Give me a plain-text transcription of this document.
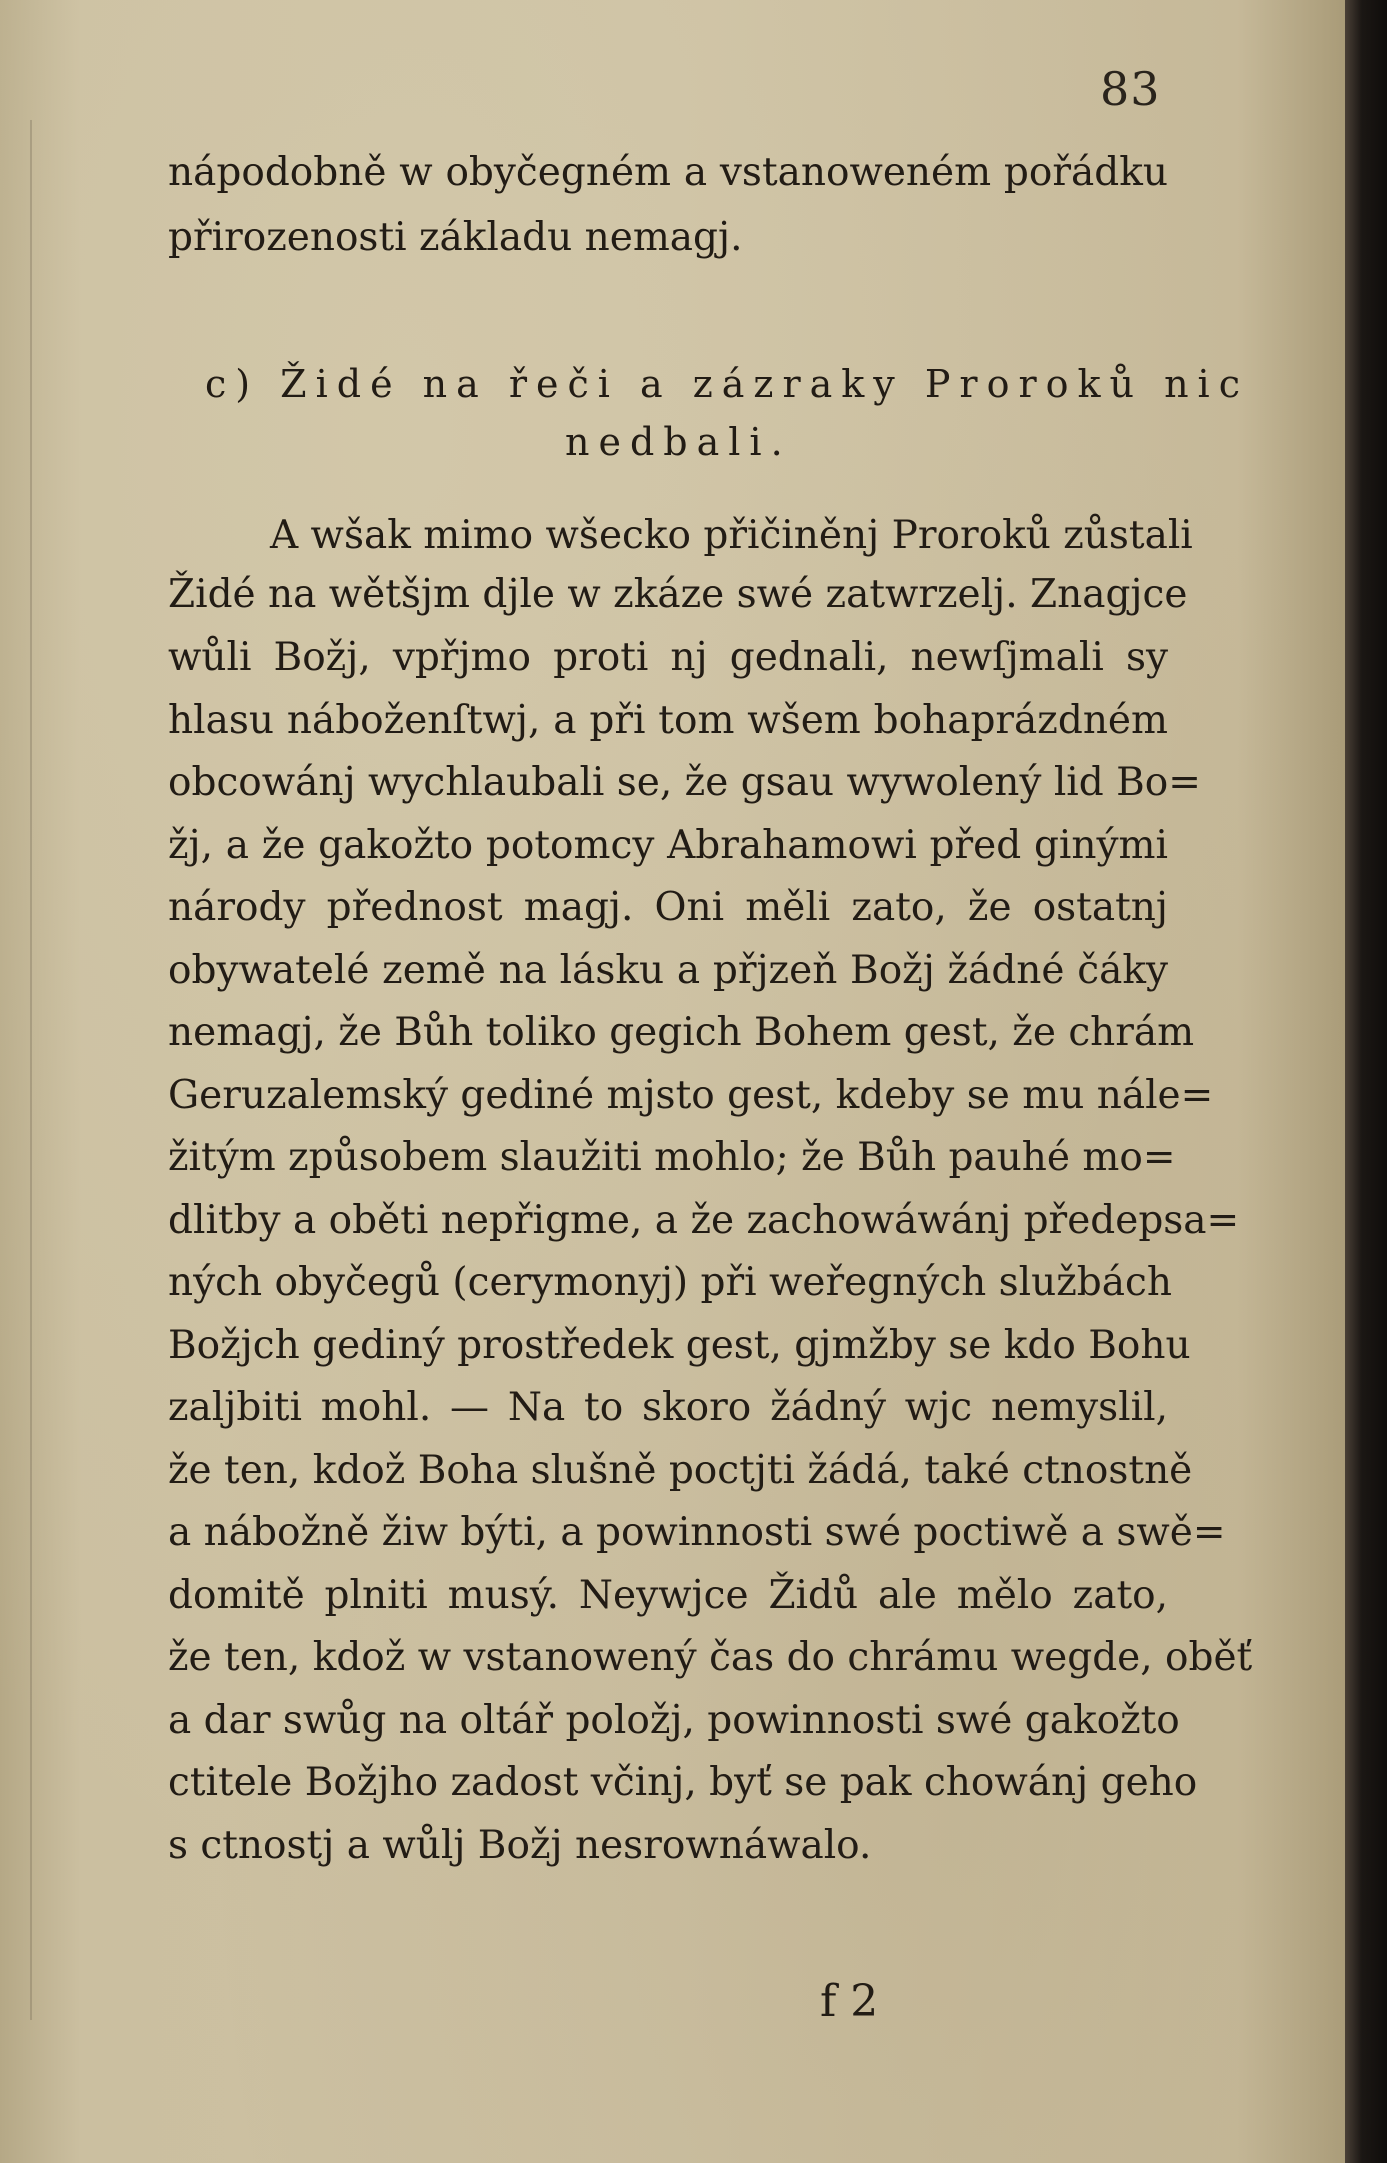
83
nápodobně w obyčegném a vstanoweném pořádku
přirozenosti základu nemagj.
c) Židé na řeči a zázraky Proroků nic
nedbali.
A wšak mimo wšecko přičiněnj Proroků zůstali
Židé na wětšjm djle w zkáze swé zatwrzelj. Znagjce
wůli Božj, vpřjmo proti nj gednali, newſjmali sy
hlasu náboženſtwj, a při tom wšem bohaprázdném
obcowánj wychlaubali se, že gsau wywolený lid Bo=
žj, a že gakožto potomcy Abrahamowi před ginými
národy přednost magj. Oni měli zato, že ostatnj
obywatelé země na lásku a přjzeň Božj žádné čáky
nemagj, že Bůh toliko gegich Bohem gest, že chrám
Geruzalemský gediné mjsto gest, kdeby se mu nále=
žitým způsobem slaužiti mohlo; že Bůh pauhé mo=
dlitby a oběti nepřigme, a že zachowáwánj předepsa=
ných obyčegů (cerymonyj) při weřegných službách
Božjch gediný prostředek gest, gjmžby se kdo Bohu
zaljbiti mohl. — Na to skoro žádný wjc nemyslil,
že ten, kdož Boha slušně poctjti žádá, také ctnostně
a nábožně žiw býti, a powinnosti swé poctiwě a swě=
domitě plniti musý. Neywjce Židů ale mělo zato,
že ten, kdož w vstanowený čas do chrámu wegde, oběť
a dar swůg na oltář položj, powinnosti swé gakožto
ctitele Božjho zadost včinj, byť se pak chowánj geho
s ctnostj a wůlj Božj nesrownáwalo.
f 2
